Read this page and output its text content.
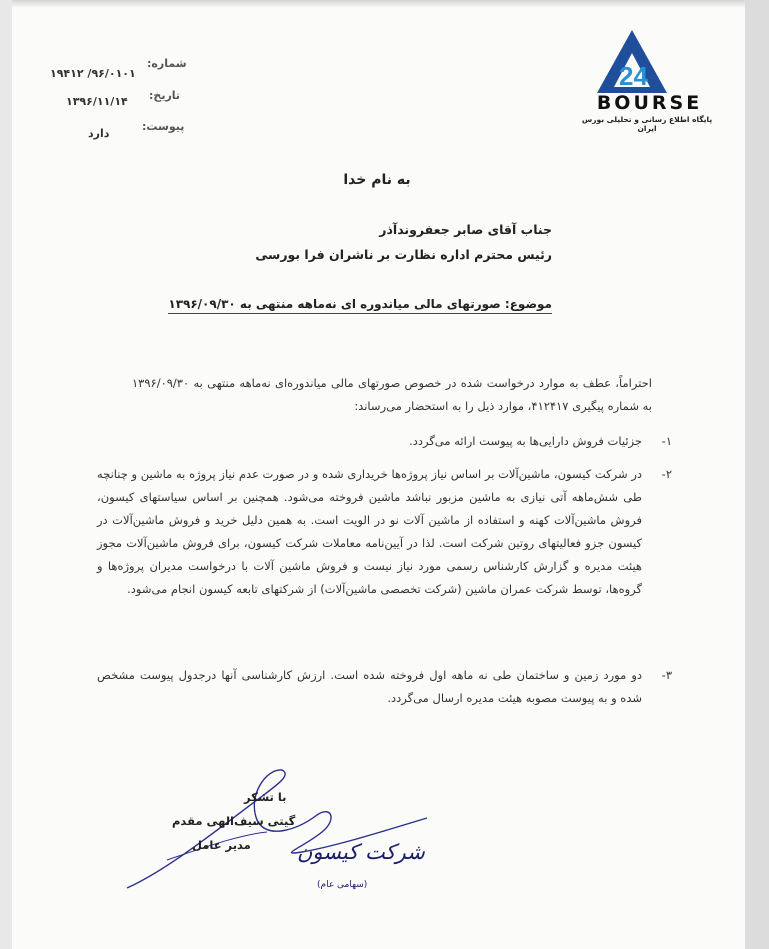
شماره:
۹۶/۰۱۰۱/ ۱۹۴۱۲
تاریخ:
۱۳۹۶/۱۱/۱۴
پیوست:
دارد
24
BOURSE
پایگاه اطلاع رسانی و تحلیلی بورس ایران
به نام خدا
جناب آقای صابر جعفروندآذر
رئیس محترم اداره نظارت بر ناشران فرا بورسی
موضوع: صورتهای مالی میاندوره ای نه‌ماهه منتهی به ۱۳۹۶/۰۹/۳۰
احتراماً، عطف به موارد درخواست شده در خصوص صورتهای مالی میاندوره‌ای نه‌ماهه منتهی به ۱۳۹۶/۰۹/۳۰ به شماره پیگیری ۴۱۲۴۱۷، موارد ذیل را به استحضار می‌رساند:
۱-
جزئیات فروش دارایی‌ها به پیوست ارائه می‌گردد.
۲-
در شرکت کیسون، ماشین‌آلات بر اساس نیاز پروژه‌ها خریداری شده و در صورت عدم نیاز پروژه به ماشین و چنانچه طی شش‌ماهه آتی نیازی به ماشین مزبور نباشد ماشین فروخته می‌شود. همچنین بر اساس سیاستهای کیسون، فروش ماشین‌آلات کهنه و استفاده از ماشین آلات نو در الویت است. به همین دلیل خرید و فروش ماشین‌آلات در کیسون جزو فعالیتهای روتین شرکت است. لذا در آیین‌نامه معاملات شرکت کیسون، برای فروش ماشین‌آلات مجوز هیئت مدیره و گزارش کارشناس رسمی مورد نیاز نیست و فروش ماشین آلات با درخواست مدیران پروژه‌ها و گروه‌ها، توسط شرکت عمران ماشین (شرکت تخصصی ماشین‌آلات) از شرکتهای تابعه کیسون انجام می‌شود.
۳-
دو مورد زمین و ساختمان طی نه ماهه اول فروخته شده است. ارزش کارشناسی آنها درجدول پیوست مشخص شده و به پیوست مصوبه هیئت مدیره ارسال می‌گردد.
با تشکر
گیتی سیف‌الهی مقدم
مدیر عامل شرکت کیسون
(سهامی عام)
